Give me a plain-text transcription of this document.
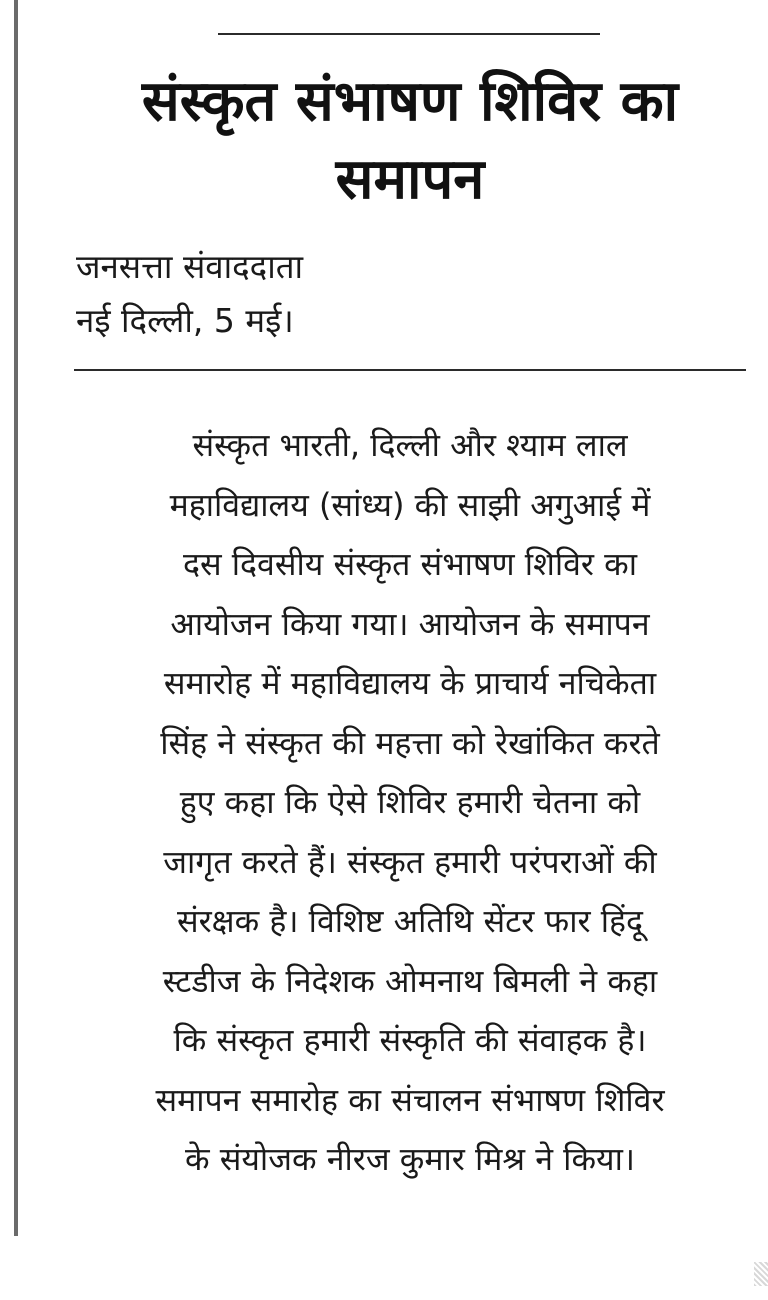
संस्कृत संभाषण शिविर का समापन
जनसत्ता संवाददाता
नई दिल्ली, 5 मई।
संस्कृत भारती, दिल्ली और श्याम लाल
महाविद्यालय (सांध्य) की साझी अगुआई में
दस दिवसीय संस्कृत संभाषण शिविर का
आयोजन किया गया। आयोजन के समापन
समारोह में महाविद्यालय के प्राचार्य नचिकेता
सिंह ने संस्कृत की महत्ता को रेखांकित करते
हुए कहा कि ऐसे शिविर हमारी चेतना को
जागृत करते हैं। संस्कृत हमारी परंपराओं की
संरक्षक है। विशिष्ट अतिथि सेंटर फार हिंदू
स्टडीज के निदेशक ओमनाथ बिमली ने कहा
कि संस्कृत हमारी संस्कृति की संवाहक है।
समापन समारोह का संचालन संभाषण शिविर
के संयोजक नीरज कुमार मिश्र ने किया।
